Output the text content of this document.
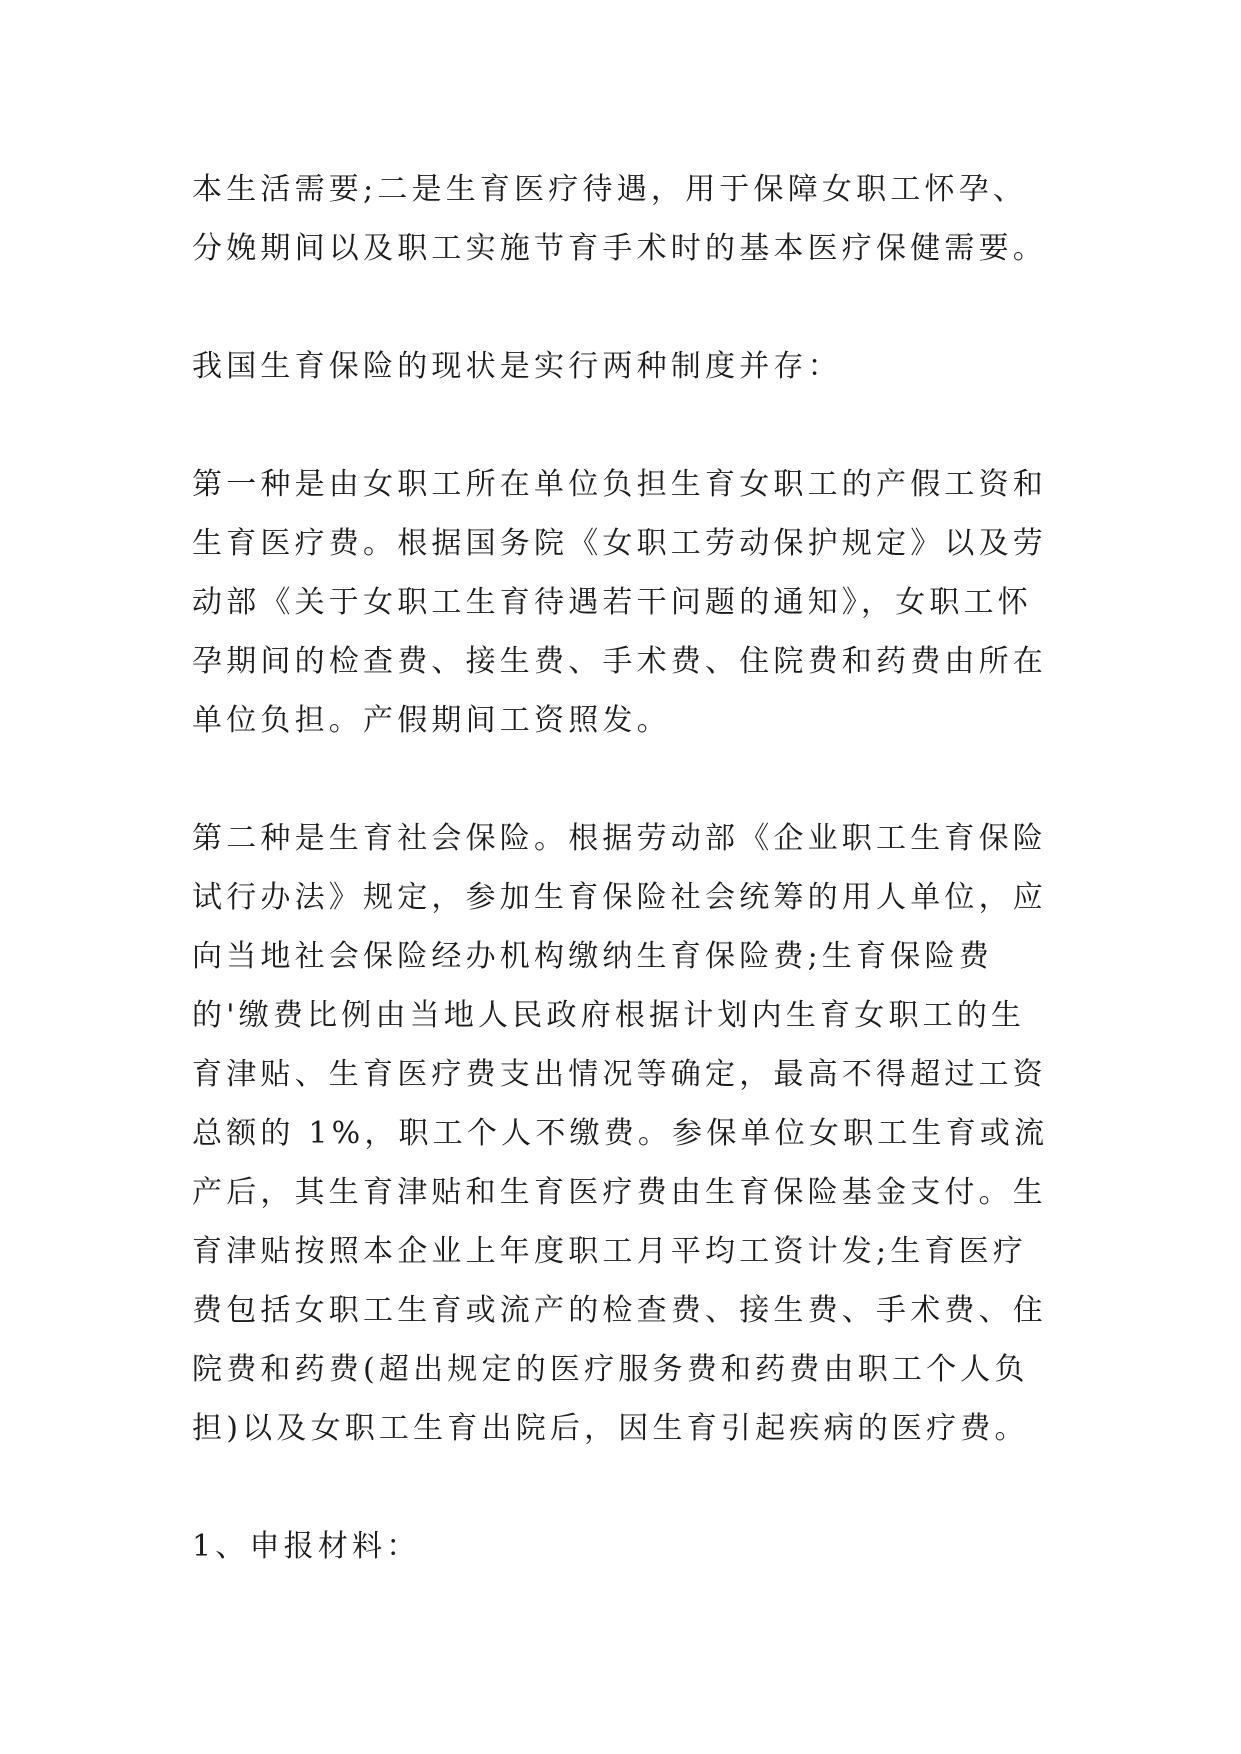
本生活需要;二是生育医疗待遇，用于保障女职工怀孕、分娩期间以及职工实施节育手术时的基本医疗保健需要。

我国生育保险的现状是实行两种制度并存：

第一种是由女职工所在单位负担生育女职工的产假工资和生育医疗费。根据国务院《女职工劳动保护规定》以及劳动部《关于女职工生育待遇若干问题的通知》，女职工怀孕期间的检查费、接生费、手术费、住院费和药费由所在单位负担。产假期间工资照发。

第二种是生育社会保险。根据劳动部《企业职工生育保险试行办法》规定，参加生育保险社会统筹的用人单位，应向当地社会保险经办机构缴纳生育保险费;生育保险费的'缴费比例由当地人民政府根据计划内生育女职工的生育津贴、生育医疗费支出情况等确定，最高不得超过工资总额的 1%，职工个人不缴费。参保单位女职工生育或流产后，其生育津贴和生育医疗费由生育保险基金支付。生育津贴按照本企业上年度职工月平均工资计发;生育医疗费包括女职工生育或流产的检查费、接生费、手术费、住院费和药费(超出规定的医疗服务费和药费由职工个人负担)以及女职工生育出院后，因生育引起疾病的医疗费。

1、申报材料：
